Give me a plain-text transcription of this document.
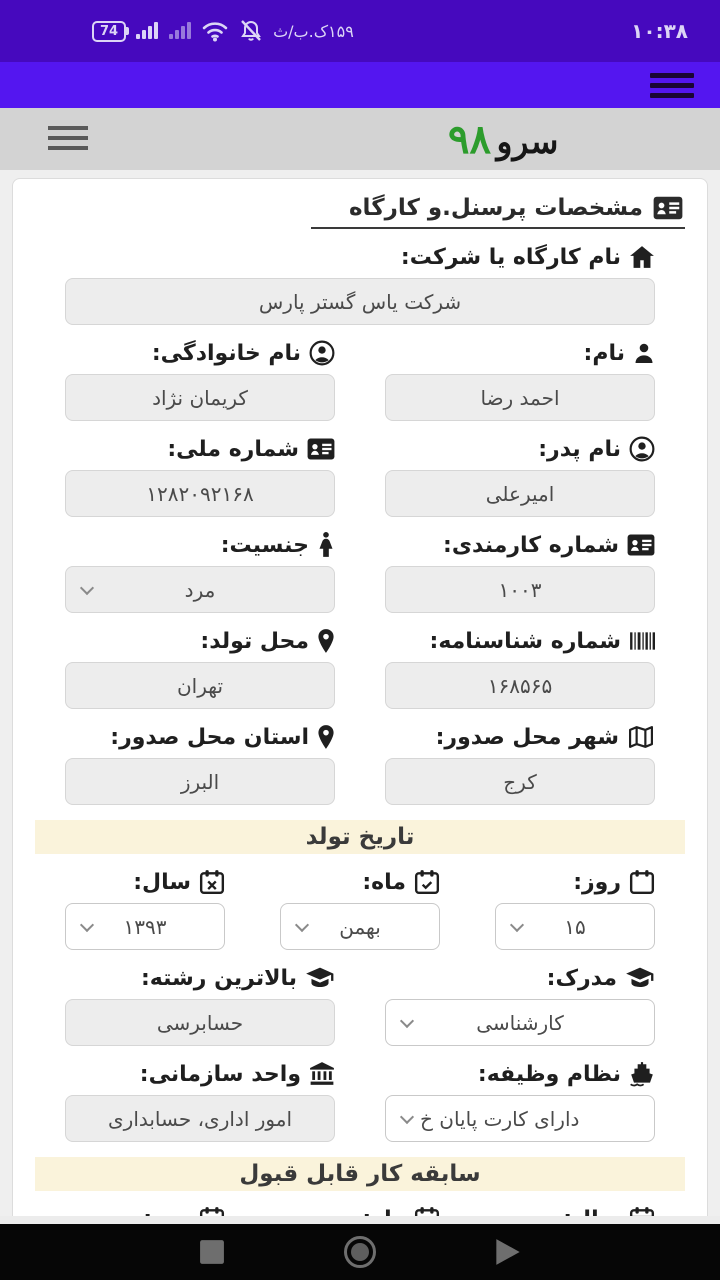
74	۱۵۹ک.ب/ث	۱۰:۳۸
سرو ۹۸
مشخصات پرسنل.و کارگاه
نام کارگاه یا شرکت:
شرکت یاس گستر پارس
نام:
احمد رضا
نام خانوادگی:
کریمان نژاد
نام پدر:
امیرعلی
شماره ملی:
۱۲۸۲۰۹۲۱۶۸
شماره کارمندی:
۱۰۰۳
جنسیت:
مرد
شماره شناسنامه:
۱۶۸۵۶۵
محل تولد:
تهران
شهر محل صدور:
کرج
استان محل صدور:
البرز
تاریخ تولد
روز:
۱۵
ماه:
بهمن
سال:
۱۳۹۳
مدرک:
کارشناسی
بالاترین رشته:
حسابرسی
نظام وظیفه:
دارای کارت پایان خ
واحد سازمانی:
امور اداری، حسابداری
سابقه کار قابل قبول
